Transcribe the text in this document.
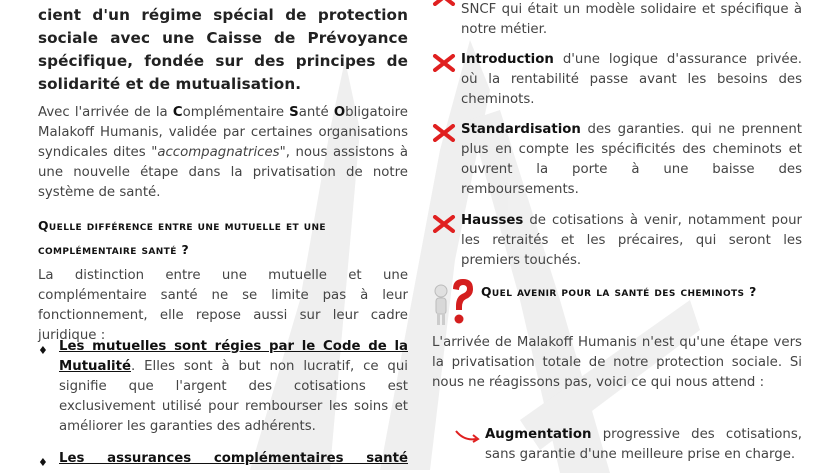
cient d'un régime spécial de protection sociale avec une Caisse de Prévoyance spécifique, fondée sur des principes de solidarité et de mutualisation.
Avec l'arrivée de la Complémentaire Santé Obligatoire Malakoff Humanis, validée par certaines organisations syndicales dites "accompagnatrices", nous assistons à une nouvelle étape dans la privatisation de notre système de santé.
Quelle différence entre une mutuelle et une complémentaire santé ?
La distinction entre une mutuelle et une complémentaire santé ne se limite pas à leur fonctionnement, elle repose aussi sur leur cadre juridique :
♦ Les mutuelles sont régies par le Code de la Mutualité. Elles sont à but non lucratif, ce qui signifie que l'argent des cotisations est exclusivement utilisé pour rembourser les soins et améliorer les garanties des adhérents.
♦ Les assurances complémentaires santé
SNCF qui était un modèle solidaire et spécifique à notre métier.
Introduction d'une logique d'assurance privée. où la rentabilité passe avant les besoins des cheminots.
Standardisation des garanties. qui ne prennent plus en compte les spécificités des cheminots et ouvrent la porte à une baisse des remboursements.
Hausses de cotisations à venir, notamment pour les retraités et les précaires, qui seront les premiers touchés.
Quel avenir pour la santé des cheminots ?
L'arrivée de Malakoff Humanis n'est qu'une étape vers la privatisation totale de notre protection sociale. Si nous ne réagissons pas, voici ce qui nous attend :
Augmentation progressive des cotisations, sans garantie d'une meilleure prise en charge.
